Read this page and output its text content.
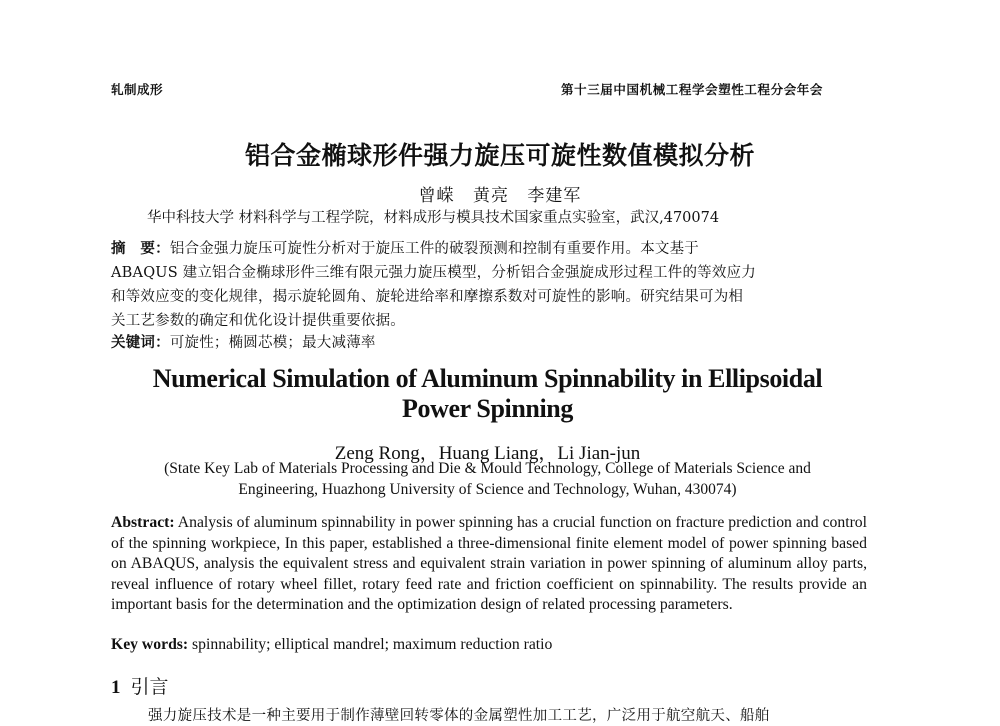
轧制成形	第十三届中国机械工程学会塑性工程分会年会
铝合金椭球形件强力旋压可旋性数值模拟分析
曾嵘 黄亮 李建军
华中科技大学 材料科学与工程学院，材料成形与模具技术国家重点实验室，武汉,470074
摘　要：铝合金强力旋压可旋性分析对于旋压工件的破裂预测和控制有重要作用。本文基于
ABAQUS 建立铝合金椭球形件三维有限元强力旋压模型，分析铝合金强旋成形过程工件的等效应力
和等效应变的变化规律，揭示旋轮圆角、旋轮进给率和摩擦系数对可旋性的影响。研究结果可为相
关工艺参数的确定和优化设计提供重要依据。
关键词：可旋性；椭圆芯模；最大减薄率
Numerical Simulation of Aluminum Spinnability in Ellipsoidal
Power Spinning
Zeng Rong，Huang Liang，Li Jian-jun
(State Key Lab of Materials Processing and Die & Mould Technology, College of Materials Science and
Engineering, Huazhong University of Science and Technology, Wuhan, 430074)
Abstract: Analysis of aluminum spinnability in power spinning has a crucial function on fracture prediction and control of the spinning workpiece, In this paper, established a three-dimensional finite element model of power spinning based on ABAQUS, analysis the equivalent stress and equivalent strain variation in power spinning of aluminum alloy parts, reveal influence of rotary wheel fillet, rotary feed rate and friction coefficient on spinnability. The results provide an important basis for the determination and the optimization design of related processing parameters.
Key words: spinnability; elliptical mandrel; maximum reduction ratio
1 引言
强力旋压技术是一种主要用于制作薄壁回转零体的金属塑性加工工艺，广泛用于航空航天、船舶
